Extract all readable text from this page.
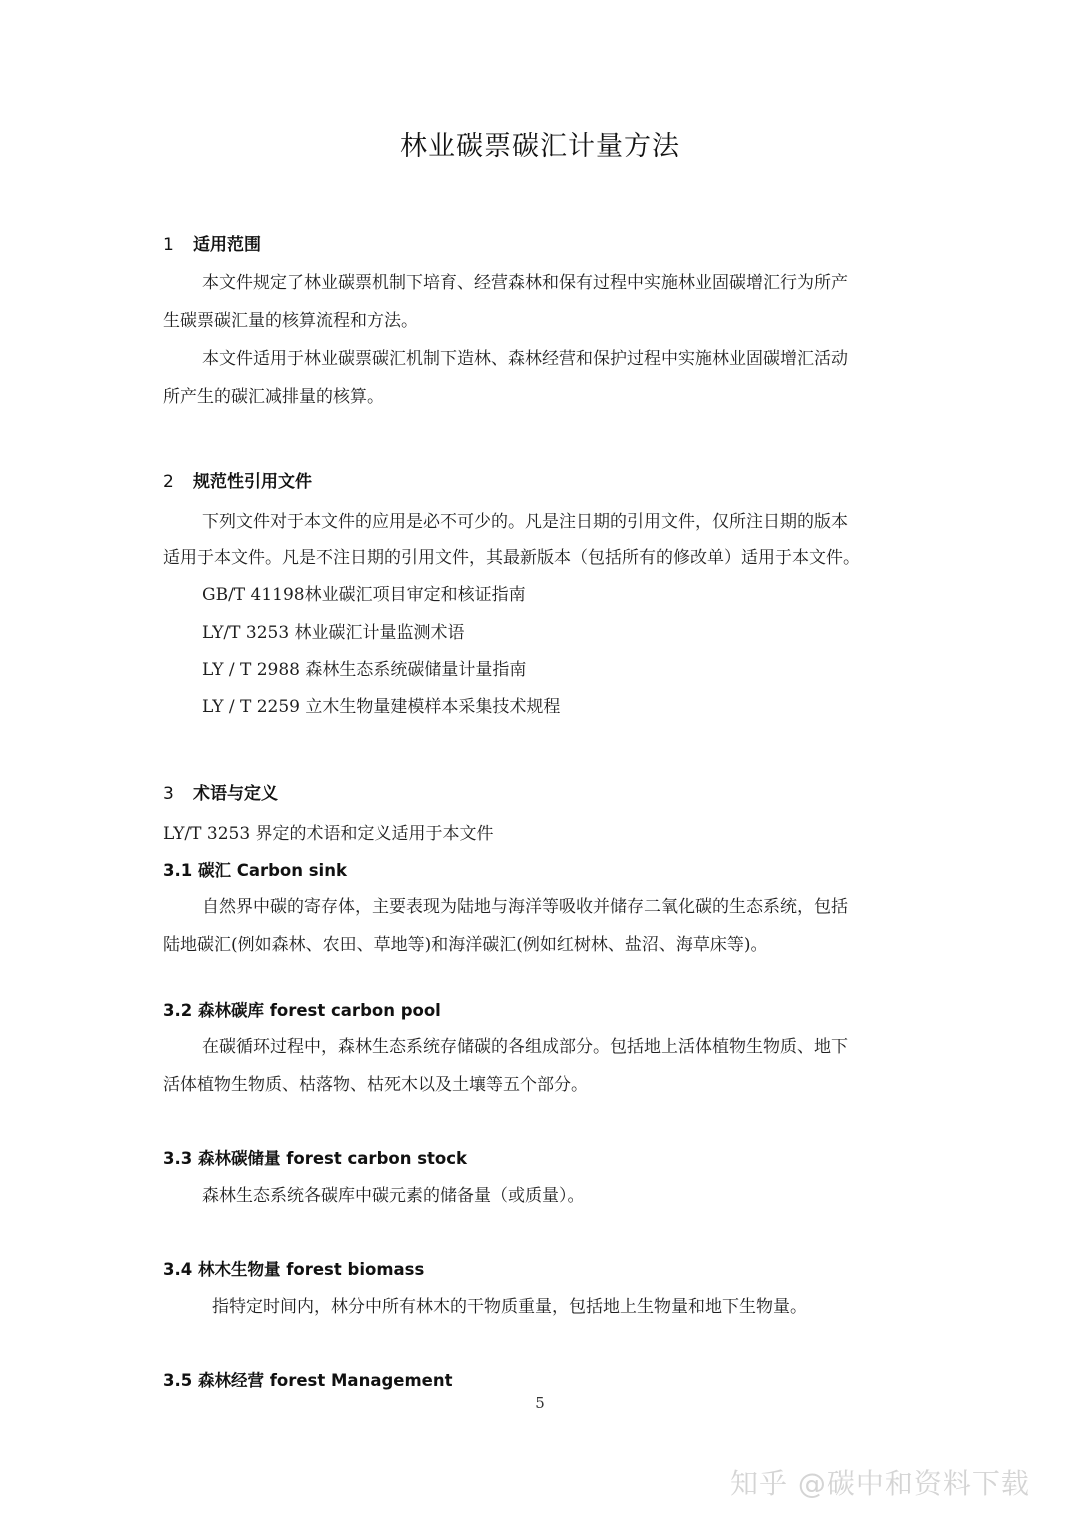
林业碳票碳汇计量方法
1 适用范围
本文件规定了林业碳票机制下培育、经营森林和保有过程中实施林业固碳增汇行为所产
生碳票碳汇量的核算流程和方法。
本文件适用于林业碳票碳汇机制下造林、森林经营和保护过程中实施林业固碳增汇活动
所产生的碳汇减排量的核算。
2 规范性引用文件
下列文件对于本文件的应用是必不可少的。凡是注日期的引用文件，仅所注日期的版本
适用于本文件。凡是不注日期的引用文件，其最新版本（包括所有的修改单）适用于本文件。
GB/T 41198林业碳汇项目审定和核证指南
LY/T 3253 林业碳汇计量监测术语
LY / T 2988 森林生态系统碳储量计量指南
LY / T 2259 立木生物量建模样本采集技术规程
3 术语与定义
LY/T 3253 界定的术语和定义适用于本文件
3.1 碳汇 Carbon sink
自然界中碳的寄存体，主要表现为陆地与海洋等吸收并储存二氧化碳的生态系统，包括
陆地碳汇(例如森林、农田、草地等)和海洋碳汇(例如红树林、盐沼、海草床等)。
3.2 森林碳库 forest carbon pool
在碳循环过程中，森林生态系统存储碳的各组成部分。包括地上活体植物生物质、地下
活体植物生物质、枯落物、枯死木以及土壤等五个部分。
3.3 森林碳储量 forest carbon stock
森林生态系统各碳库中碳元素的储备量（或质量）。
3.4 林木生物量 forest biomass
指特定时间内，林分中所有林木的干物质重量，包括地上生物量和地下生物量。
3.5 森林经营 forest Management
5
知乎 @碳中和资料下载
